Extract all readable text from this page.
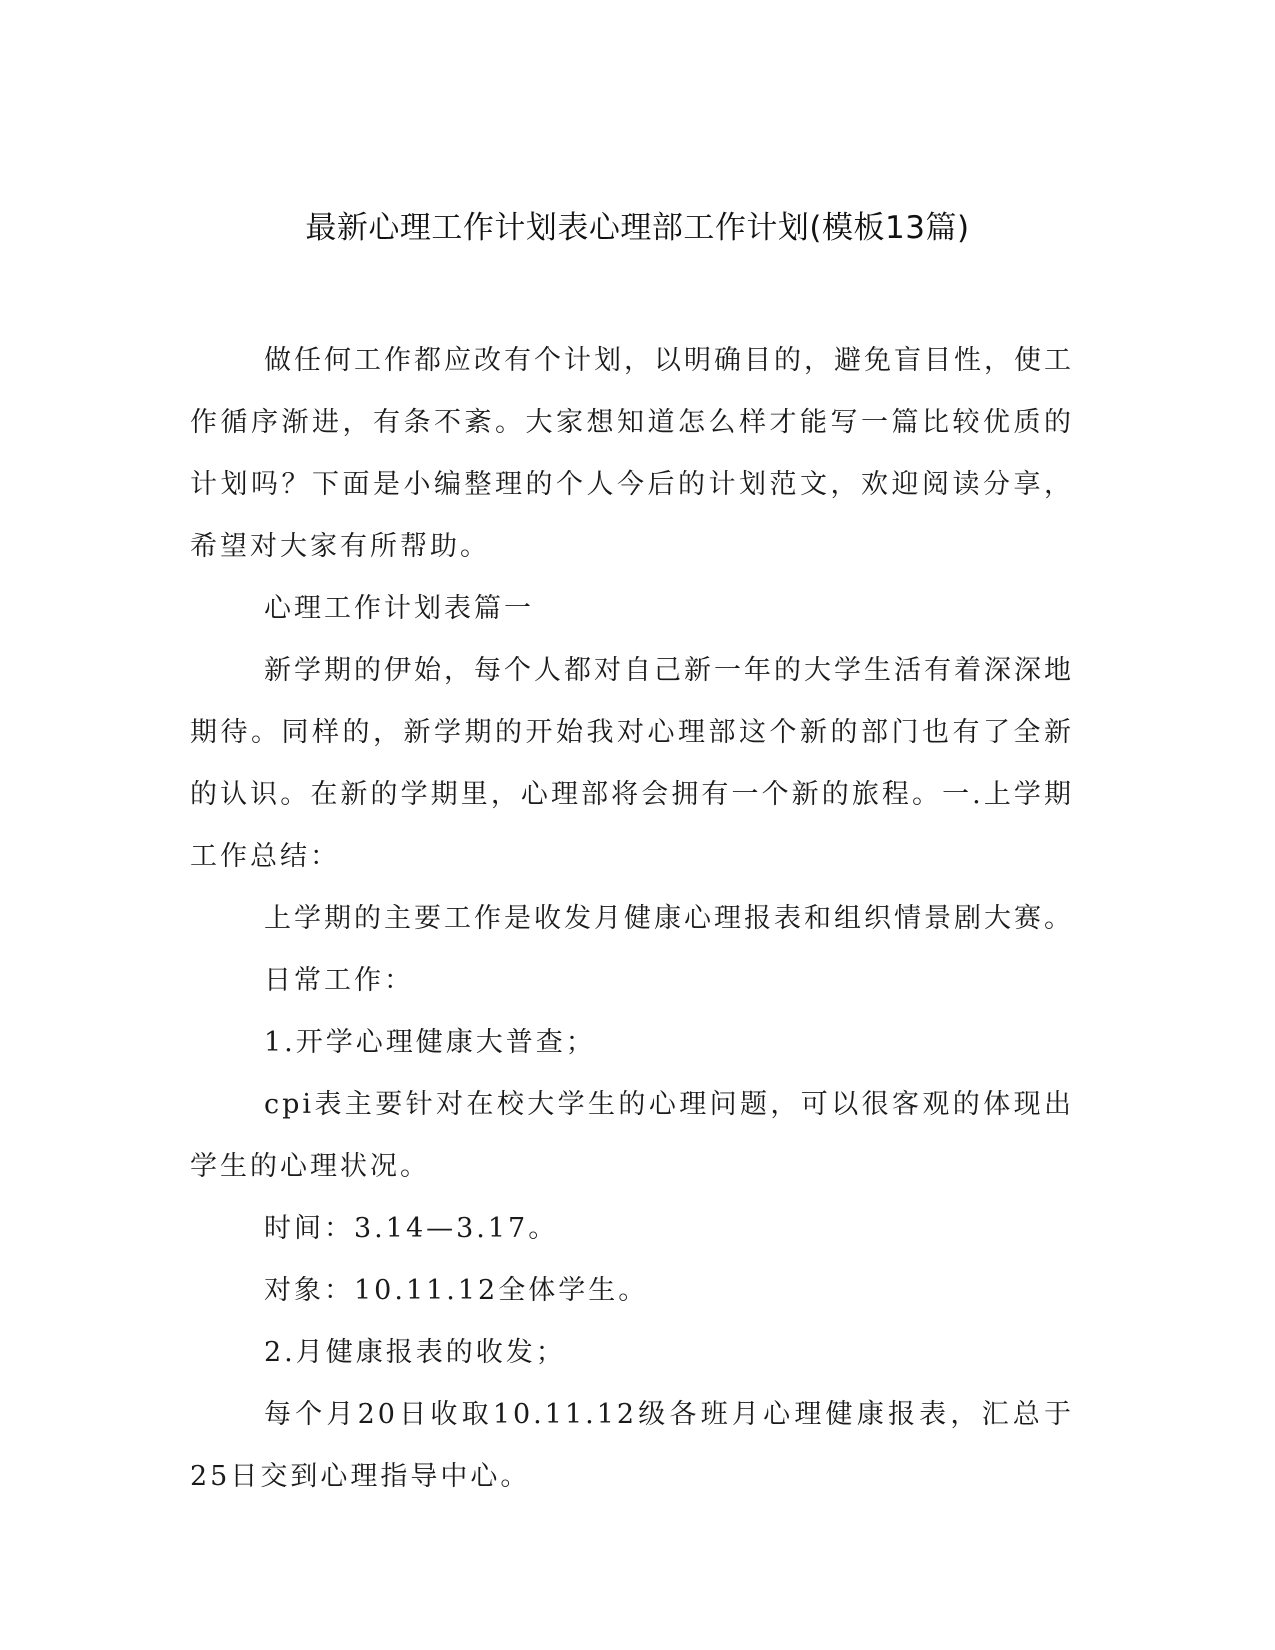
最新心理工作计划表心理部工作计划(模板13篇)

做任何工作都应改有个计划，以明确目的，避免盲目性，使工作循序渐进，有条不紊。大家想知道怎么样才能写一篇比较优质的计划吗？下面是小编整理的个人今后的计划范文，欢迎阅读分享，希望对大家有所帮助。

心理工作计划表篇一

新学期的伊始，每个人都对自己新一年的大学生活有着深深地期待。同样的，新学期的开始我对心理部这个新的部门也有了全新的认识。在新的学期里，心理部将会拥有一个新的旅程。一.上学期工作总结：

上学期的主要工作是收发月健康心理报表和组织情景剧大赛。

日常工作：

1.开学心理健康大普查；

cpi表主要针对在校大学生的心理问题，可以很客观的体现出学生的心理状况。

时间：3.14—3.17。

对象：10.11.12全体学生。

2.月健康报表的收发；

每个月20日收取10.11.12级各班月心理健康报表，汇总于25日交到心理指导中心。
